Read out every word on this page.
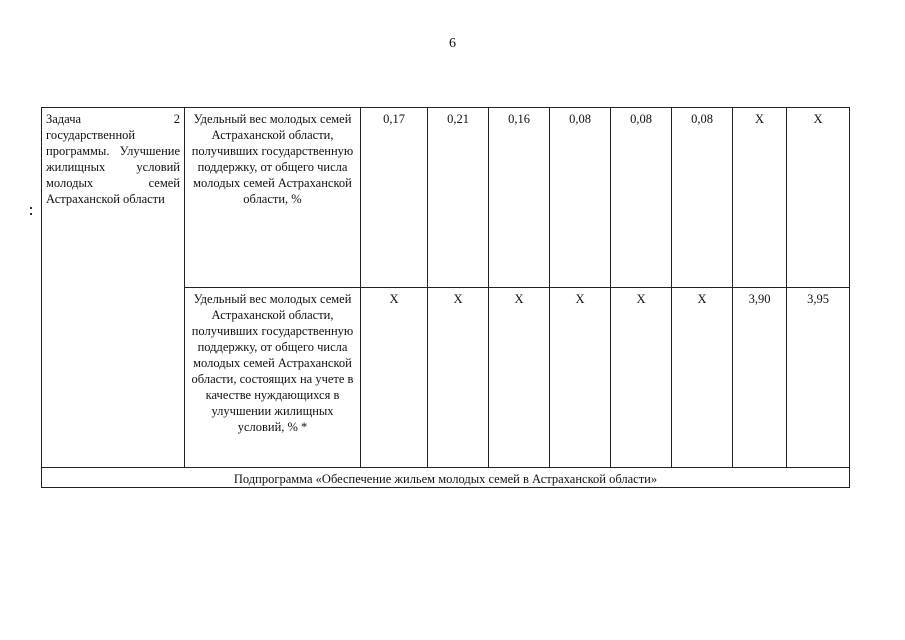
6
Задача 2 государственной программы. Улучшение жилищных условий молодых семей Астраханской области	Удельный вес молодых семей Астраханской области, получивших государственную поддержку, от общего числа молодых семей Астраханской области, %	0,17	0,21	0,16	0,08	0,08	0,08	Х	Х
	Удельный вес молодых семей Астраханской области, получивших государственную поддержку, от общего числа молодых семей Астраханской области, состоящих на учете в качестве нуждающихся в улучшении жилищных условий, % *	Х	Х	Х	Х	Х	Х	3,90	3,95
Подпрограмма «Обеспечение жильем молодых семей в Астраханской области»									
